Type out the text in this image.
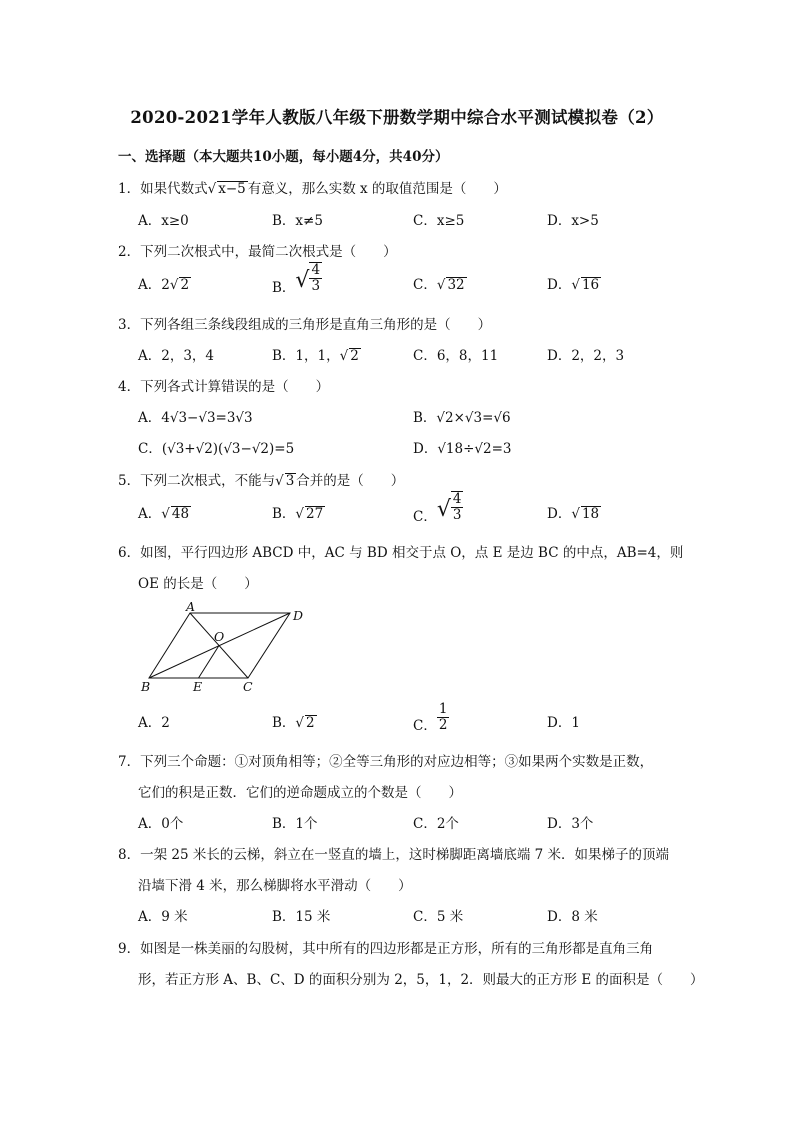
2020-2021学年人教版八年级下册数学期中综合水平测试模拟卷（2）
一、选择题（本大题共10小题，每小题4分，共40分）
1．如果代数式√ x−5 有意义，那么实数 x 的取值范围是（　　）
A．x≥0	B．x≠5	C．x≥5	D．x>5
2．下列二次根式中，最简二次根式是（　　）
A．2√ 2	B．√ $\frac{4}{3}$	C．√ 32	D．√ 16
3．下列各组三条线段组成的三角形是直角三角形的是（　　）
A．2，3，4	B．1，1，√ 2	C．6，8，11	D．2，2，3
4．下列各式计算错误的是（　　）
A．4√3−√3=3√3	B．√2×√3=√6
C．(√3+√2)(√3−√2)=5	D．√18÷√2=3
5．下列二次根式，不能与√ 3 合并的是（　　）
A．√ 48	B．√ 27	C．√ $\frac{4}{3}$	D．√ 18
6．如图，平行四边形 ABCD 中，AC 与 BD 相交于点 O，点 E 是边 BC 的中点，AB=4，则
OE 的长是（　　）
A
D
O
B	E	C
A．2	B．√ 2	C． $\frac{1}{2}$	D．1
7．下列三个命题：①对顶角相等；②全等三角形的对应边相等；③如果两个实数是正数，
它们的积是正数．它们的逆命题成立的个数是（　　）
A．0个	B．1个	C．2个	D．3个
8．一架 25 米长的云梯，斜立在一竖直的墙上，这时梯脚距离墙底端 7 米．如果梯子的顶端
沿墙下滑 4 米，那么梯脚将水平滑动（　　）
A．9 米	B．15 米	C．5 米	D．8 米
9．如图是一株美丽的勾股树，其中所有的四边形都是正方形，所有的三角形都是直角三角
形，若正方形 A、B、C、D 的面积分别为 2，5，1，2．则最大的正方形 E 的面积是（　　）
